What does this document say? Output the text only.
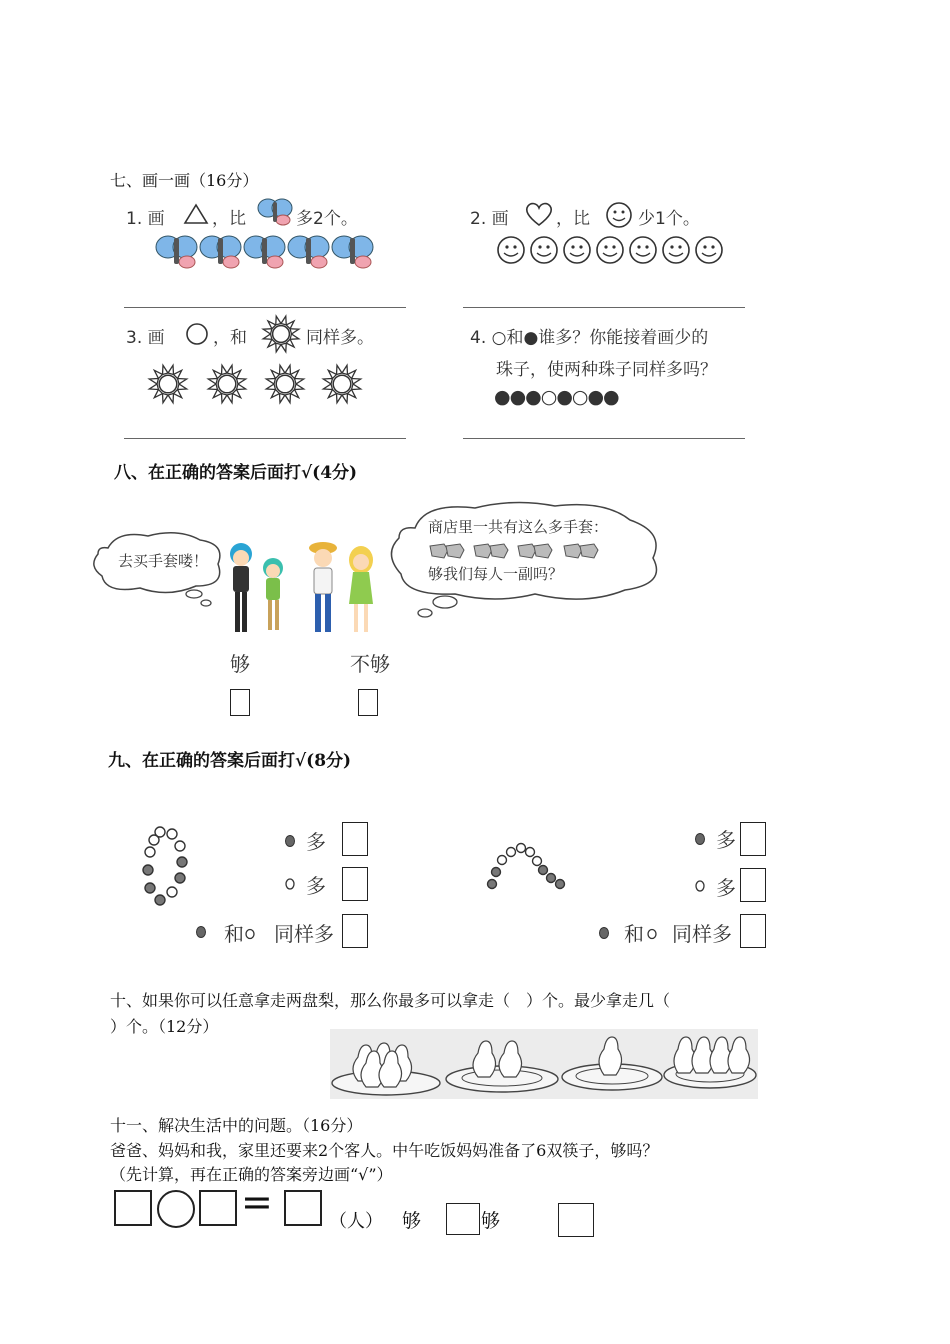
七、画一画（16分）
1. 画	，比	多2个。	2. 画	，比	少1个。
3. 画	，和	同样多。	4. ○和●谁多？你能接着画少的
珠子，使两种珠子同样多吗？
●●●○●○●●
八、在正确的答案后面打√(4分)
去买手套喽！
商店里一共有这么多手套：
够我们每人一副吗？
够	不够
九、在正确的答案后面打√(8分)
多
多
和 同样多
多
多
和 同样多
十、如果你可以任意拿走两盘梨，那么你最多可以拿走（　）个。最少拿走几（
）个。（12分）
十一、解决生活中的问题。（16分）
爸爸、妈妈和我，家里还要来2个客人。中午吃饭妈妈准备了6双筷子，够吗？
（先计算，再在正确的答案旁边画“√”）
=	（人） 够	够
